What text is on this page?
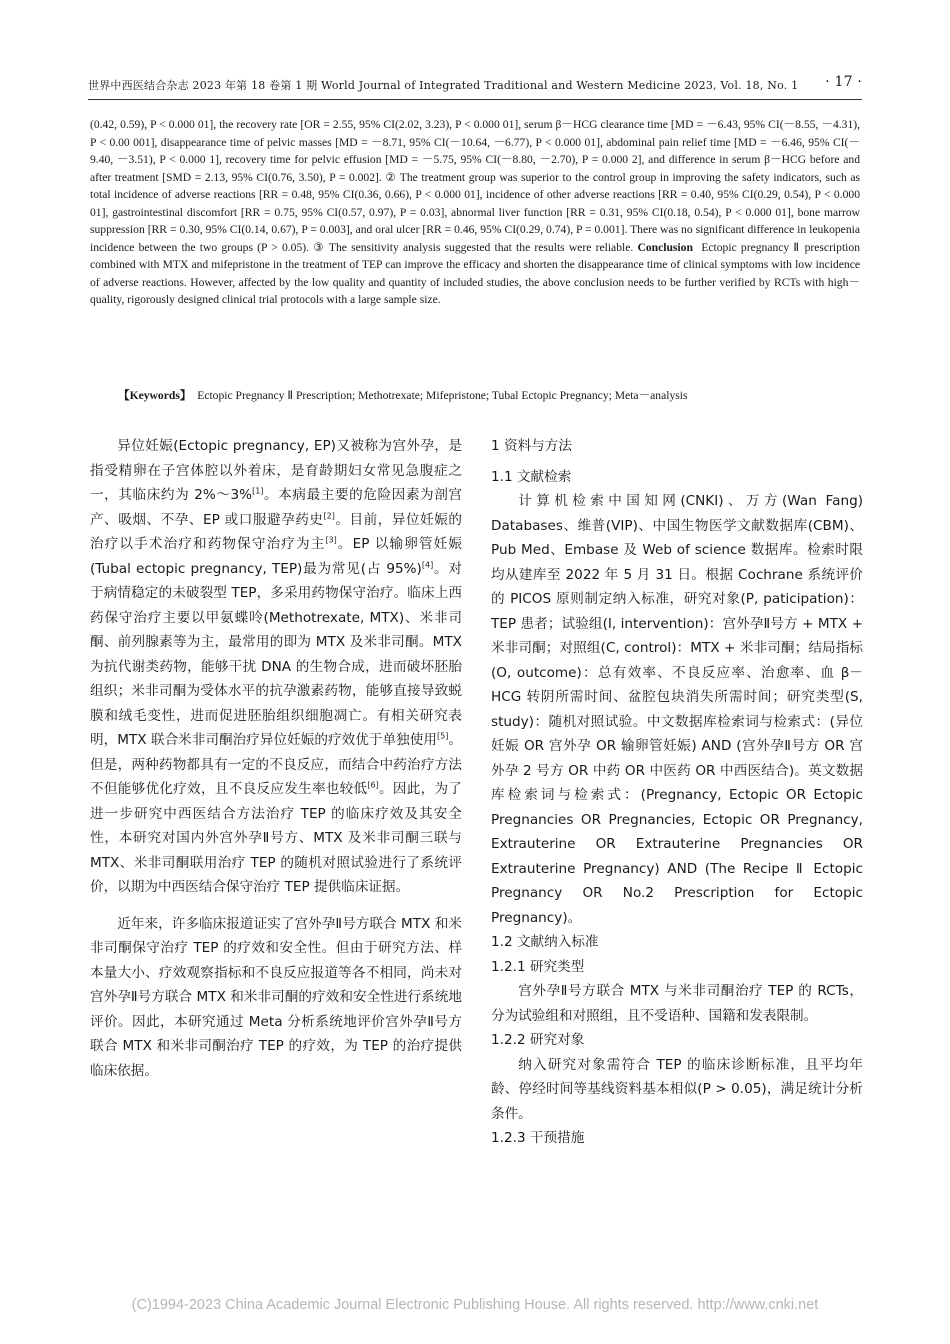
世界中西医结合杂志 2023 年第 18 卷第 1 期 World Journal of Integrated Traditional and Western Medicine 2023, Vol. 18, No. 1 · 17 ·

(0.42, 0.59), P < 0.000 01], the recovery rate [OR = 2.55, 95% CI(2.02, 3.23), P < 0.000 01], serum β－HCG clearance time [MD = －6.43, 95% CI(－8.55, －4.31), P < 0.00 001], disappearance time of pelvic masses [MD = －8.71, 95% CI(－10.64, －6.77), P < 0.000 01], abdominal pain relief time [MD = －6.46, 95% CI(－9.40, －3.51), P < 0.000 1], recovery time for pelvic effusion [MD = －5.75, 95% CI(－8.80, －2.70), P = 0.000 2], and difference in serum β－HCG before and after treatment [SMD = 2.13, 95% CI(0.76, 3.50), P = 0.002]. ② The treatment group was superior to the control group in improving the safety indicators, such as total incidence of adverse reactions [RR = 0.48, 95% CI(0.36, 0.66), P < 0.000 01], incidence of other adverse reactions [RR = 0.40, 95% CI(0.29, 0.54), P < 0.000 01], gastrointestinal discomfort [RR = 0.75, 95% CI(0.57, 0.97), P = 0.03], abnormal liver function [RR = 0.31, 95% CI(0.18, 0.54), P < 0.000 01], bone marrow suppression [RR = 0.30, 95% CI(0.14, 0.67), P = 0.003], and oral ulcer [RR = 0.46, 95% CI(0.29, 0.74), P = 0.001]. There was no significant difference in leukopenia incidence between the two groups (P > 0.05). ③ The sensitivity analysis suggested that the results were reliable. Conclusion Ectopic pregnancy Ⅱ prescription combined with MTX and mifepristone in the treatment of TEP can improve the efficacy and shorten the disappearance time of clinical symptoms with low incidence of adverse reactions. However, affected by the low quality and quantity of included studies, the above conclusion needs to be further verified by RCTs with high－quality, rigorously designed clinical trial protocols with a large sample size.

【Keywords】 Ectopic Pregnancy Ⅱ Prescription; Methotrexate; Mifepristone; Tubal Ectopic Pregnancy; Meta－analysis

异位妊娠(Ectopic pregnancy, EP)又被称为宫外孕，是指受精卵在子宫体腔以外着床，是育龄期妇女常见急腹症之一，其临床约为 2%～3%[1]。本病最主要的危险因素为剖宫产、吸烟、不孕、EP 或口服避孕药史[2]。目前，异位妊娠的治疗以手术治疗和药物保守治疗为主[3]。EP 以输卵管妊娠(Tubal ectopic pregnancy, TEP)最为常见(占 95%)[4]。对于病情稳定的未破裂型 TEP，多采用药物保守治疗。临床上西药保守治疗主要以甲氨蝶呤(Methotrexate, MTX)、米非司酮、前列腺素等为主，最常用的即为 MTX 及米非司酮。MTX 为抗代谢类药物，能够干扰 DNA 的生物合成，进而破坏胚胎组织；米非司酮为受体水平的抗孕激素药物，能够直接导致蜕膜和绒毛变性，进而促进胚胎组织细胞凋亡。有相关研究表明，MTX 联合米非司酮治疗异位妊娠的疗效优于单独使用[5]。但是，两种药物都具有一定的不良反应，而结合中药治疗方法不但能够优化疗效，且不良反应发生率也较低[6]。因此，为了进一步研究中西医结合方法治疗 TEP 的临床疗效及其安全性，本研究对国内外宫外孕Ⅱ号方、MTX 及米非司酮三联与 MTX、米非司酮联用治疗 TEP 的随机对照试验进行了系统评价，以期为中西医结合保守治疗 TEP 提供临床证据。

近年来，许多临床报道证实了宫外孕Ⅱ号方联合 MTX 和米非司酮保守治疗 TEP 的疗效和安全性。但由于研究方法、样本量大小、疗效观察指标和不良反应报道等各不相同，尚未对宫外孕Ⅱ号方联合 MTX 和米非司酮的疗效和安全性进行系统地评价。因此，本研究通过 Meta 分析系统地评价宫外孕Ⅱ号方联合 MTX 和米非司酮治疗 TEP 的疗效，为 TEP 的治疗提供临床依据。

1 资料与方法

1.1 文献检索

计算机检索中国知网(CNKI)、万方(Wan Fang) Databases、维普(VIP)、中国生物医学文献数据库(CBM)、Pub Med、Embase 及 Web of science 数据库。检索时限均从建库至 2022 年 5 月 31 日。根据 Cochrane 系统评价的 PICOS 原则制定纳入标准，研究对象(P, paticipation)：TEP 患者；试验组(I, intervention)：宫外孕Ⅱ号方 + MTX + 米非司酮；对照组(C, control)：MTX + 米非司酮；结局指标(O, outcome)：总有效率、不良反应率、治愈率、血 β－HCG 转阴所需时间、盆腔包块消失所需时间；研究类型(S, study)：随机对照试验。中文数据库检索词与检索式：(异位妊娠 OR 宫外孕 OR 输卵管妊娠) AND (宫外孕Ⅱ号方 OR 宫外孕 2 号方 OR 中药 OR 中医药 OR 中西医结合)。英文数据库检索词与检索式：(Pregnancy, Ectopic OR Ectopic Pregnancies OR Pregnancies, Ectopic OR Pregnancy, Extrauterine OR Extrauterine Pregnancies OR Extrauterine Pregnancy) AND (The Recipe Ⅱ Ectopic Pregnancy OR No.2 Prescription for Ectopic Pregnancy)。

1.2 文献纳入标准

1.2.1 研究类型

宫外孕Ⅱ号方联合 MTX 与米非司酮治疗 TEP 的 RCTs，分为试验组和对照组，且不受语种、国籍和发表限制。

1.2.2 研究对象

纳入研究对象需符合 TEP 的临床诊断标准，且平均年龄、停经时间等基线资料基本相似(P > 0.05)，满足统计分析条件。

1.2.3 干预措施

(C)1994-2023 China Academic Journal Electronic Publishing House. All rights reserved. http://www.cnki.net
